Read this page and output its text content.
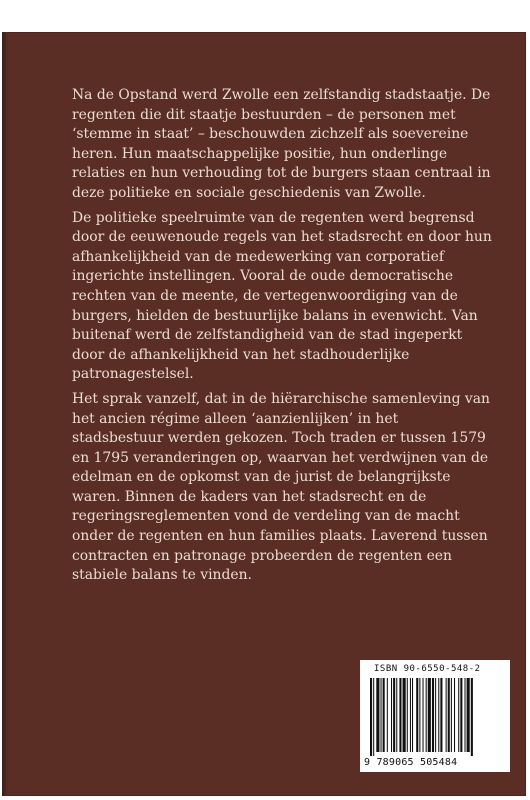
Na de Opstand werd Zwolle een zelfstandig stadstaatje. De regenten die dit staatje bestuurden – de personen met ‘stemme in staat’ – beschouwden zichzelf als soevereine heren. Hun maatschappelijke positie, hun onderlinge relaties en hun verhouding tot de burgers staan centraal in deze politieke en sociale geschiedenis van Zwolle.

De politieke speelruimte van de regenten werd begrensd door de eeuwenoude regels van het stadsrecht en door hun afhankelijkheid van de medewerking van corporatief ingerichte instellingen. Vooral de oude democratische rechten van de meente, de vertegenwoordiging van de burgers, hielden de bestuurlijke balans in evenwicht. Van buitenaf werd de zelfstandigheid van de stad ingeperkt door de afhankelijkheid van het stadhouderlijke patronagestelsel.

Het sprak vanzelf, dat in de hiërarchische samenleving van het ancien régime alleen ‘aanzienlijken’ in het stadsbestuur werden gekozen. Toch traden er tussen 1579 en 1795 veranderingen op, waarvan het verdwijnen van de edelman en de opkomst van de jurist de belangrijkste waren. Binnen de kaders van het stadsrecht en de regeringsreglementen vond de verdeling van de macht onder de regenten en hun families plaats. Laverend tussen contracten en patronage probeerden de regenten een stabiele balans te vinden.

ISBN 90-6550-548-2
9 789065 505484
